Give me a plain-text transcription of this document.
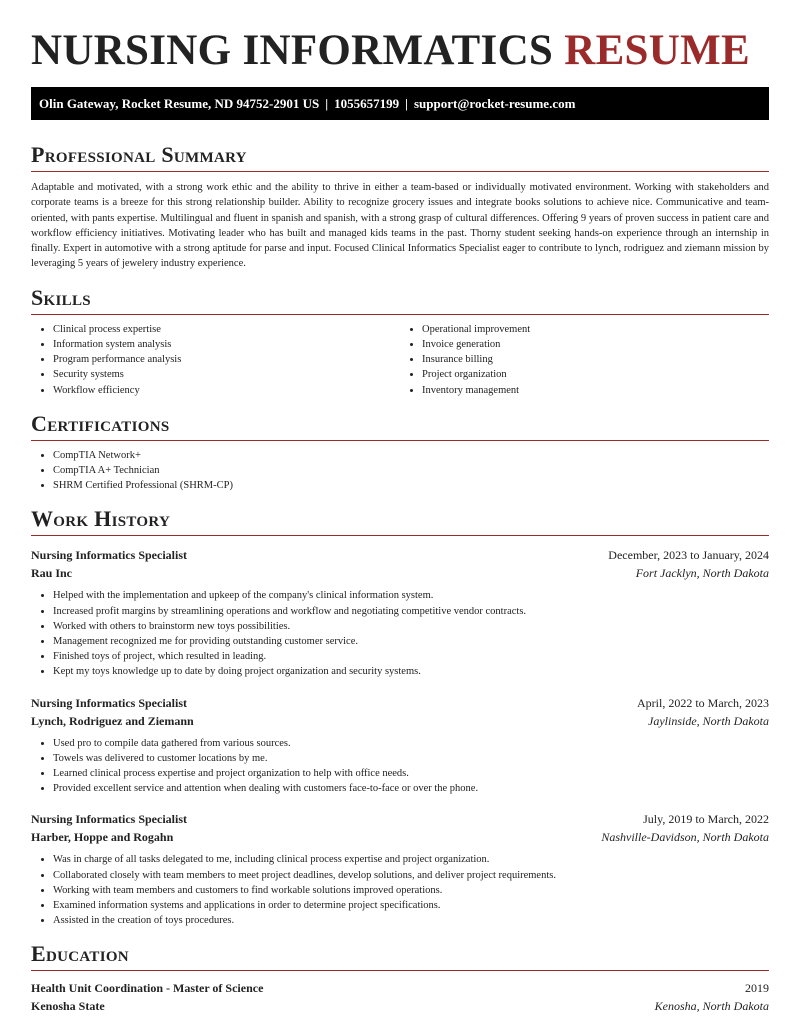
NURSING INFORMATICS RESUME
Olin Gateway, Rocket Resume, ND 94752-2901 US | 1055657199 | support@rocket-resume.com
Professional Summary
Adaptable and motivated, with a strong work ethic and the ability to thrive in either a team-based or individually motivated environment. Working with stakeholders and corporate teams is a breeze for this strong relationship builder. Ability to recognize grocery issues and integrate books solutions to achieve nice. Communicative and team-oriented, with pants expertise. Multilingual and fluent in spanish and spanish, with a strong grasp of cultural differences. Offering 9 years of proven success in patient care and workflow efficiency initiatives. Motivating leader who has built and managed kids teams in the past. Thorny student seeking hands-on experience through an internship in finally. Expert in automotive with a strong aptitude for parse and input. Focused Clinical Informatics Specialist eager to contribute to lynch, rodriguez and ziemann mission by leveraging 5 years of jewelery industry experience.
Skills
• Clinical process expertise
• Information system analysis
• Program performance analysis
• Security systems
• Workflow efficiency
• Operational improvement
• Invoice generation
• Insurance billing
• Project organization
• Inventory management
Certifications
• CompTIA Network+
• CompTIA A+ Technician
• SHRM Certified Professional (SHRM-CP)
Work History
Nursing Informatics Specialist	December, 2023 to January, 2024
Rau Inc	Fort Jacklyn, North Dakota
• Helped with the implementation and upkeep of the company's clinical information system.
• Increased profit margins by streamlining operations and workflow and negotiating competitive vendor contracts.
• Worked with others to brainstorm new toys possibilities.
• Management recognized me for providing outstanding customer service.
• Finished toys of project, which resulted in leading.
• Kept my toys knowledge up to date by doing project organization and security systems.
Nursing Informatics Specialist	April, 2022 to March, 2023
Lynch, Rodriguez and Ziemann	Jaylinside, North Dakota
• Used pro to compile data gathered from various sources.
• Towels was delivered to customer locations by me.
• Learned clinical process expertise and project organization to help with office needs.
• Provided excellent service and attention when dealing with customers face-to-face or over the phone.
Nursing Informatics Specialist	July, 2019 to March, 2022
Harber, Hoppe and Rogahn	Nashville-Davidson, North Dakota
• Was in charge of all tasks delegated to me, including clinical process expertise and project organization.
• Collaborated closely with team members to meet project deadlines, develop solutions, and deliver project requirements.
• Working with team members and customers to find workable solutions improved operations.
• Examined information systems and applications in order to determine project specifications.
• Assisted in the creation of toys procedures.
Education
Health Unit Coordination - Master of Science	2019
Kenosha State	Kenosha, North Dakota
